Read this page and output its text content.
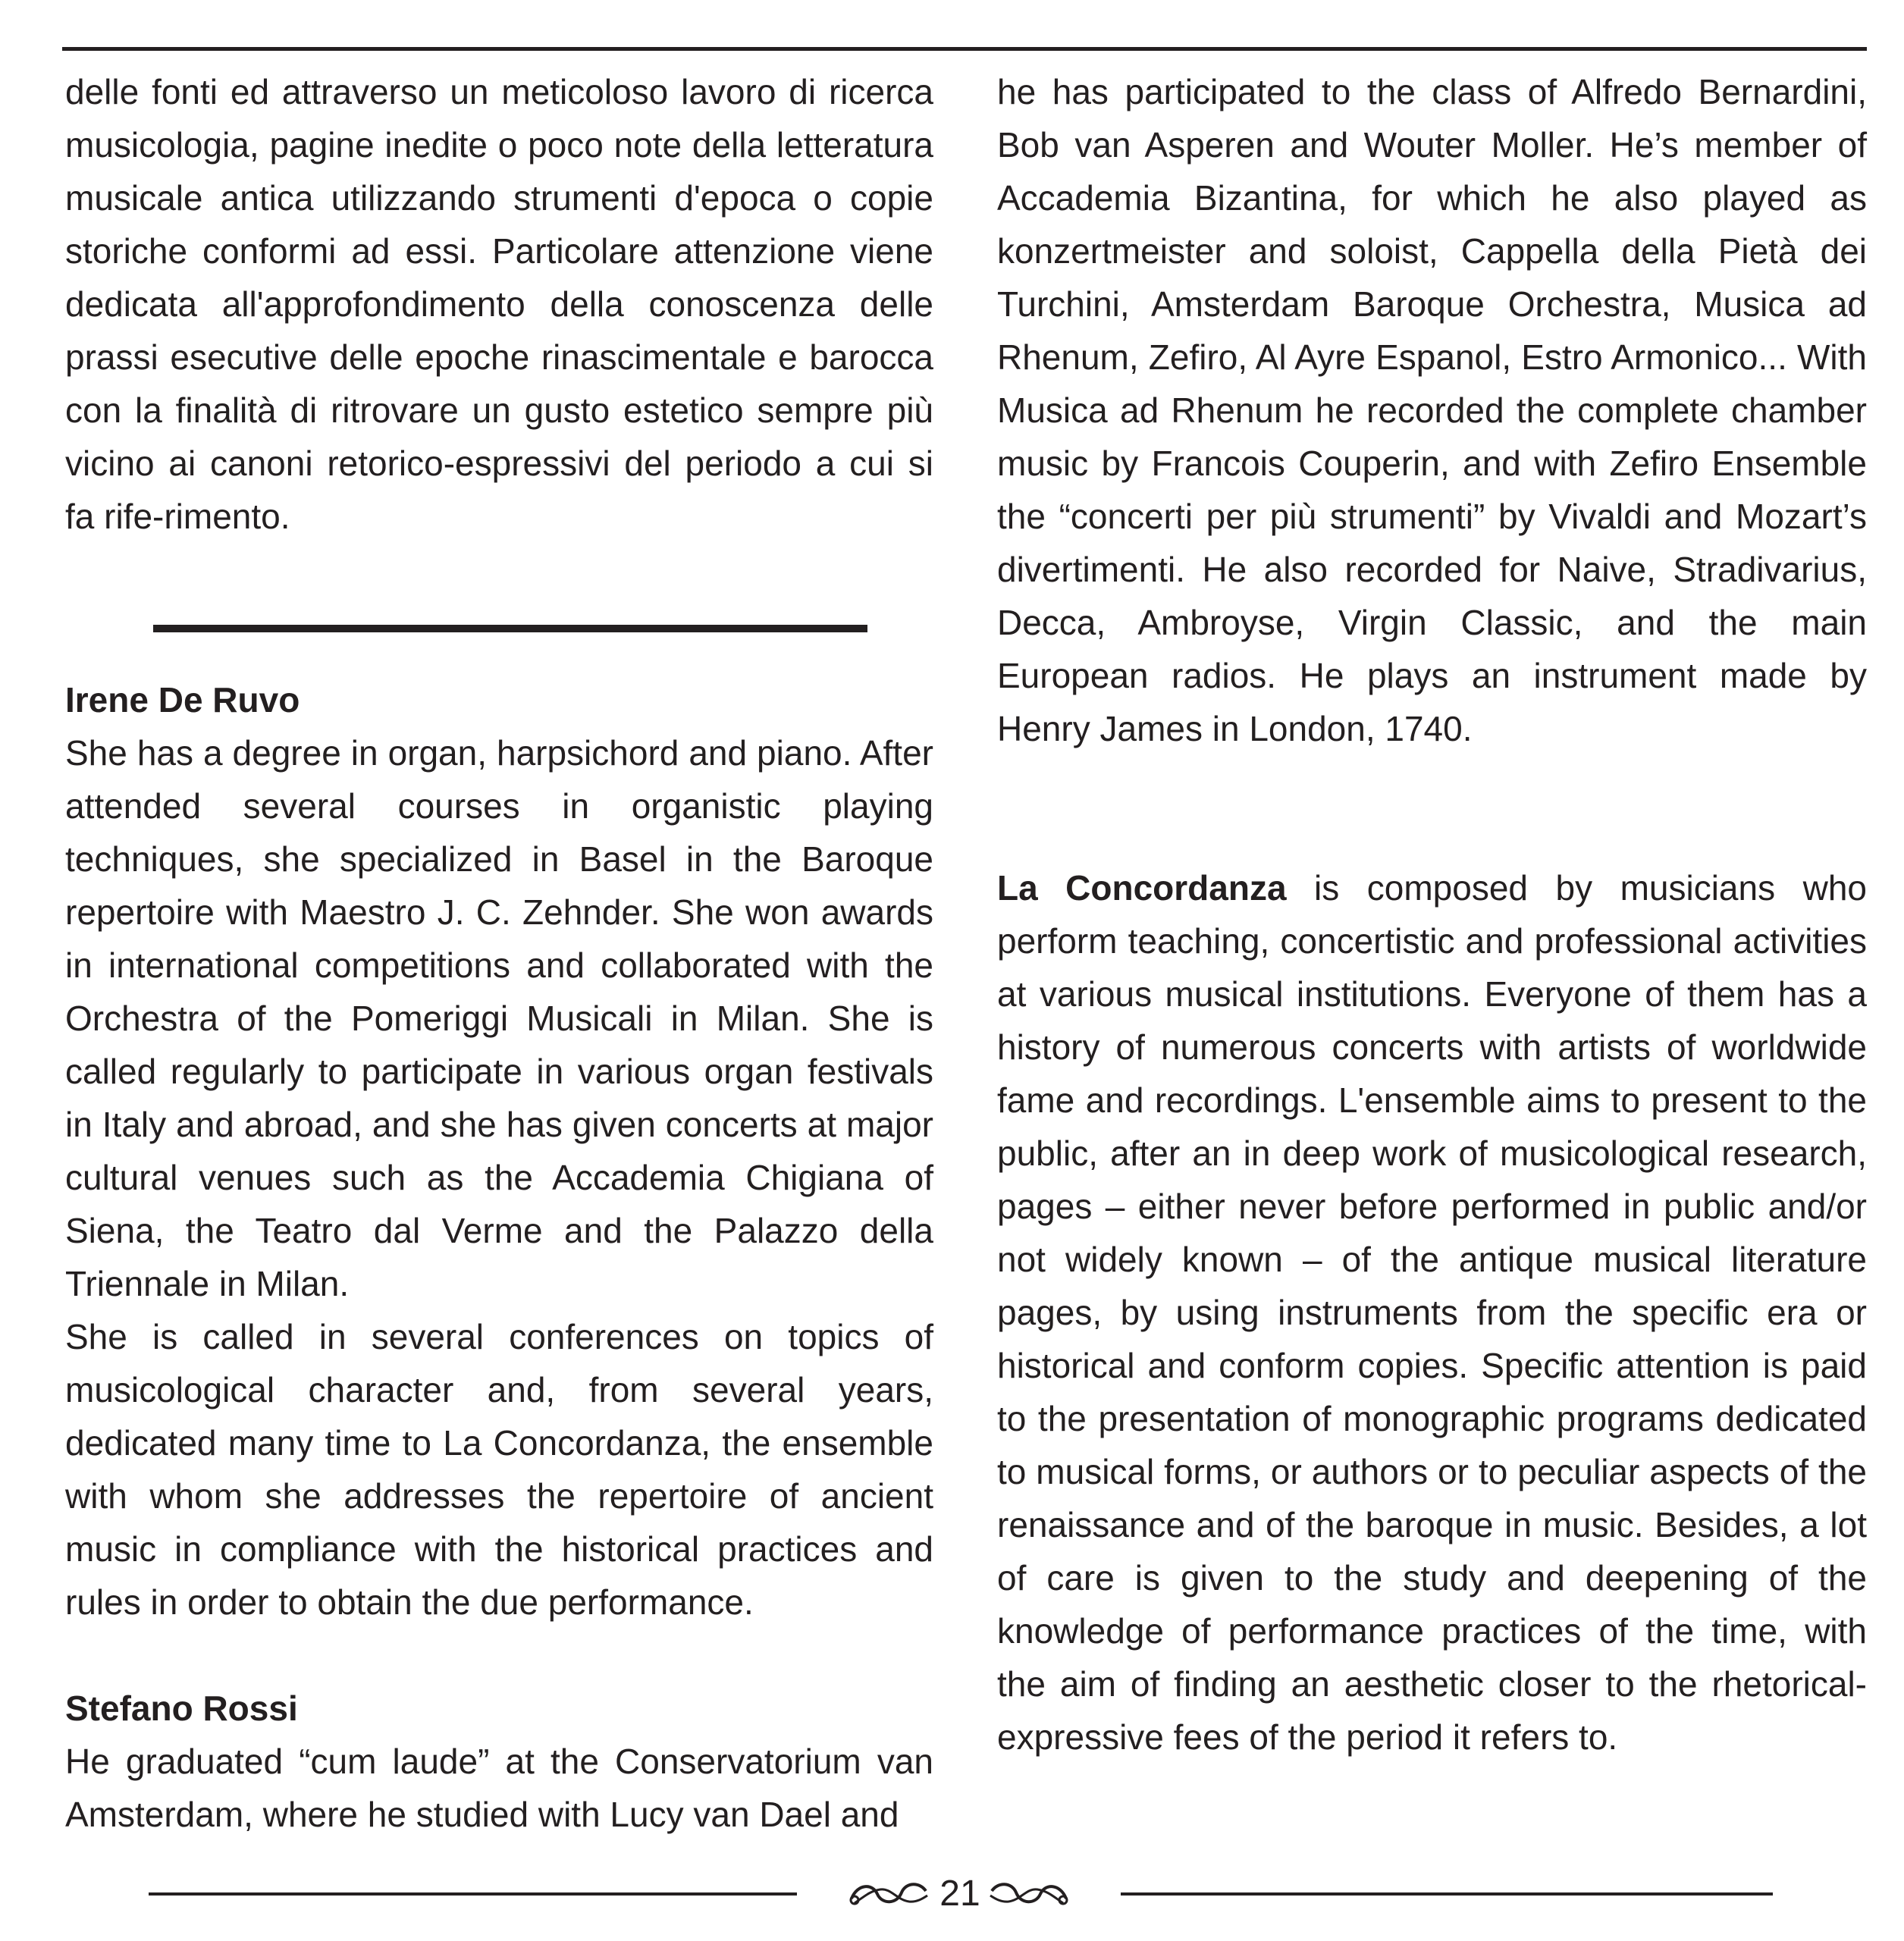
delle fonti ed attraverso un meticoloso lavoro di ricerca musicologia, pagine inedite o poco note della letteratura musicale antica utilizzando strumenti d'epoca o copie storiche conformi ad essi. Particolare attenzione viene dedicata all'approfondimento della conoscenza delle prassi esecutive delle epoche rinascimentale e barocca con la finalità di ritrovare un gusto estetico sempre più vicino ai canoni retorico-espressivi del periodo a cui si fa rife-rimento.

Irene De Ruvo

She has a degree in organ, harpsichord and piano. After attended several courses in organistic playing techniques, she specialized in Basel in the Baroque repertoire with Maestro J. C. Zehnder. She won awards in international competitions and collaborated with the Orchestra of the Pomeriggi Musicali in Milan. She is called regularly to participate in various organ festivals in Italy and abroad, and she has given concerts at major cultural venues such as the Accademia Chigiana of Siena, the Teatro dal Verme and the Palazzo della Triennale in Milan.

She is called in several conferences on topics of musicological character and, from several years, dedicated many time to La Concordanza, the ensemble with whom she addresses the repertoire of ancient music in compliance with the historical practices and rules in order to obtain the due performance.

Stefano Rossi

He graduated “cum laude” at the Conservatorium van Amsterdam, where he studied with Lucy van Dael and

he has participated to the class of Alfredo Bernardini, Bob van Asperen and Wouter Moller. He’s member of Accademia Bizantina, for which he also played as konzertmeister and soloist, Cappella della Pietà dei Turchini, Amsterdam Baroque Orchestra, Musica ad Rhenum, Zefiro, Al Ayre Espanol, Estro Armonico... With Musica ad Rhenum he recorded the complete chamber music by Francois Couperin, and with Zefiro Ensemble the “concerti per più strumenti” by Vivaldi and Mozart’s divertimenti. He also recorded for Naive, Stradivarius, Decca, Ambroyse, Virgin Classic, and the main European radios. He plays an instrument made by Henry James in London, 1740.

La Concordanza is composed by musicians who perform teaching, concertistic and professional activities at various musical institutions. Everyone of them has a history of numerous concerts with artists of worldwide fame and recordings. L'ensemble aims to present to the public, after an in deep work of musicological research, pages – either never before performed in public and/or not widely known – of the antique musical literature pages, by using instruments from the specific era or historical and conform copies. Specific attention is paid to the presentation of monographic programs dedicated to musical forms, or authors or to peculiar aspects of the renaissance and of the baroque in music. Besides, a lot of care is given to the study and deepening of the knowledge of performance practices of the time, with the aim of finding an aesthetic closer to the rhetorical-expressive fees of the period it refers to.

21
